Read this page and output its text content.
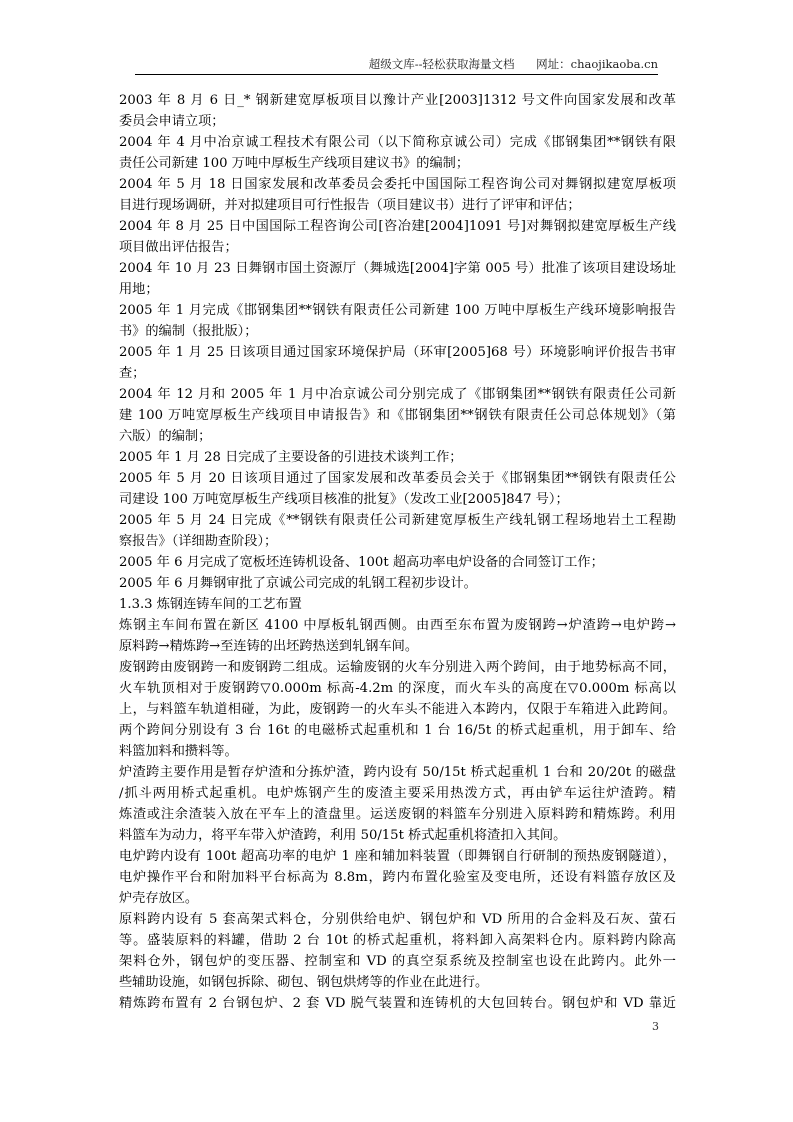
超级文库--轻松获取海量文档 网址：chaojikaoba.cn
2003 年 8 月 6 日_* 钢新建宽厚板项目以豫计产业[2003]1312 号文件向国家发展和改革
委员会申请立项；
2004 年 4 月中冶京诚工程技术有限公司（以下简称京诚公司）完成《邯钢集团**钢铁有限
责任公司新建 100 万吨中厚板生产线项目建议书》的编制；
2004 年 5 月 18 日国家发展和改革委员会委托中国国际工程咨询公司对舞钢拟建宽厚板项
目进行现场调研，并对拟建项目可行性报告（项目建议书）进行了评审和评估；
2004 年 8 月 25 日中国国际工程咨询公司[咨冶建[2004]1091 号]对舞钢拟建宽厚板生产线
项目做出评估报告；
2004 年 10 月 23 日舞钢市国土资源厅（舞城选[2004]字第 005 号）批准了该项目建设场址
用地；
2005 年 1 月完成《邯钢集团**钢铁有限责任公司新建 100 万吨中厚板生产线环境影响报告
书》的编制（报批版）；
2005 年 1 月 25 日该项目通过国家环境保护局（环审[2005]68 号）环境影响评价报告书审
查；
2004 年 12 月和 2005 年 1 月中冶京诚公司分别完成了《邯钢集团**钢铁有限责任公司新
建 100 万吨宽厚板生产线项目申请报告》和《邯钢集团**钢铁有限责任公司总体规划》（第
六版）的编制；
2005 年 1 月 28 日完成了主要设备的引进技术谈判工作；
2005 年 5 月 20 日该项目通过了国家发展和改革委员会关于《邯钢集团**钢铁有限责任公
司建设 100 万吨宽厚板生产线项目核准的批复》（发改工业[2005]847 号）；
2005 年 5 月 24 日完成《**钢铁有限责任公司新建宽厚板生产线轧钢工程场地岩土工程勘
察报告》（详细勘查阶段）；
2005 年 6 月完成了宽板坯连铸机设备、100t 超高功率电炉设备的合同签订工作；
2005 年 6 月舞钢审批了京诚公司完成的轧钢工程初步设计。
1.3.3 炼钢连铸车间的工艺布置
炼钢主车间布置在新区 4100 中厚板轧钢西侧。由西至东布置为废钢跨→炉渣跨→电炉跨→
原料跨→精炼跨→至连铸的出坯跨热送到轧钢车间。
废钢跨由废钢跨一和废钢跨二组成。运输废钢的火车分别进入两个跨间，由于地势标高不同，
火车轨顶相对于废钢跨▽0.000m 标高-4.2m 的深度，而火车头的高度在▽0.000m 标高以
上，与料篮车轨道相碰，为此，废钢跨一的火车头不能进入本跨内，仅限于车箱进入此跨间。
两个跨间分别设有 3 台 16t 的电磁桥式起重机和 1 台 16/5t 的桥式起重机，用于卸车、给
料篮加料和攒料等。
炉渣跨主要作用是暂存炉渣和分拣炉渣，跨内设有 50/15t 桥式起重机 1 台和 20/20t 的磁盘
/抓斗两用桥式起重机。电炉炼钢产生的废渣主要采用热泼方式，再由铲车运往炉渣跨。精
炼渣或注余渣装入放在平车上的渣盘里。运送废钢的料篮车分别进入原料跨和精炼跨。利用
料篮车为动力，将平车带入炉渣跨，利用 50/15t 桥式起重机将渣扣入其间。
电炉跨内设有 100t 超高功率的电炉 1 座和辅加料装置（即舞钢自行研制的预热废钢隧道），
电炉操作平台和附加料平台标高为 8.8m，跨内布置化验室及变电所，还设有料篮存放区及
炉壳存放区。
原料跨内设有 5 套高架式料仓，分别供给电炉、钢包炉和 VD 所用的合金料及石灰、萤石
等。盛装原料的料罐，借助 2 台 10t 的桥式起重机，将料卸入高架料仓内。原料跨内除高
架料仓外，钢包炉的变压器、控制室和 VD 的真空泵系统及控制室也设在此跨内。此外一
些辅助设施，如钢包拆除、砌包、钢包烘烤等的作业在此进行。
精炼跨布置有 2 台钢包炉、2 套 VD 脱气装置和连铸机的大包回转台。钢包炉和 VD 靠近
3
